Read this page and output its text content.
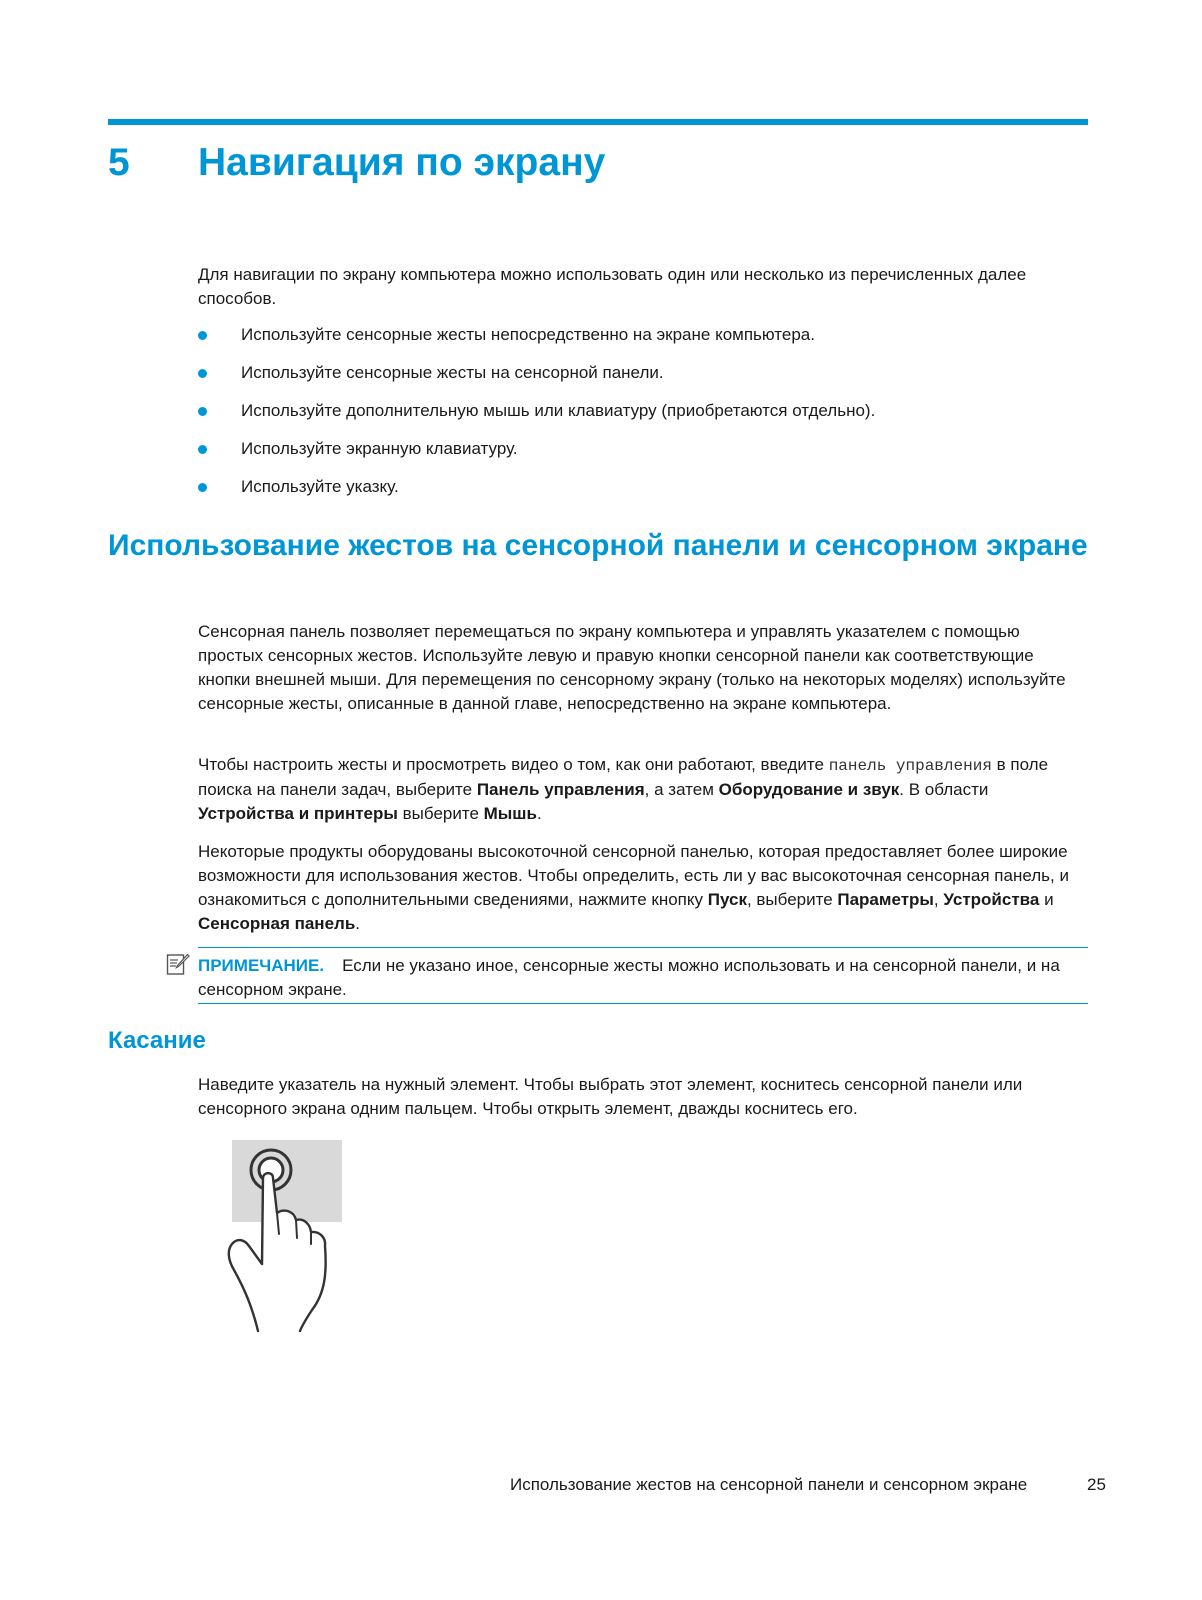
5 Навигация по экрану
Для навигации по экрану компьютера можно использовать один или несколько из перечисленных далее способов.
Используйте сенсорные жесты непосредственно на экране компьютера.
Используйте сенсорные жесты на сенсорной панели.
Используйте дополнительную мышь или клавиатуру (приобретаются отдельно).
Используйте экранную клавиатуру.
Используйте указку.
Использование жестов на сенсорной панели и сенсорном экране
Сенсорная панель позволяет перемещаться по экрану компьютера и управлять указателем с помощью простых сенсорных жестов. Используйте левую и правую кнопки сенсорной панели как соответствующие кнопки внешней мыши. Для перемещения по сенсорному экрану (только на некоторых моделях) используйте сенсорные жесты, описанные в данной главе, непосредственно на экране компьютера.
Чтобы настроить жесты и просмотреть видео о том, как они работают, введите панель управления в поле поиска на панели задач, выберите Панель управления, а затем Оборудование и звук. В области Устройства и принтеры выберите Мышь.
Некоторые продукты оборудованы высокоточной сенсорной панелью, которая предоставляет более широкие возможности для использования жестов. Чтобы определить, есть ли у вас высокоточная сенсорная панель, и ознакомиться с дополнительными сведениями, нажмите кнопку Пуск, выберите Параметры, Устройства и Сенсорная панель.
ПРИМЕЧАНИЕ. Если не указано иное, сенсорные жесты можно использовать и на сенсорной панели, и на сенсорном экране.
Касание
Наведите указатель на нужный элемент. Чтобы выбрать этот элемент, коснитесь сенсорной панели или сенсорного экрана одним пальцем. Чтобы открыть элемент, дважды коснитесь его.
Использование жестов на сенсорной панели и сенсорном экране	25
